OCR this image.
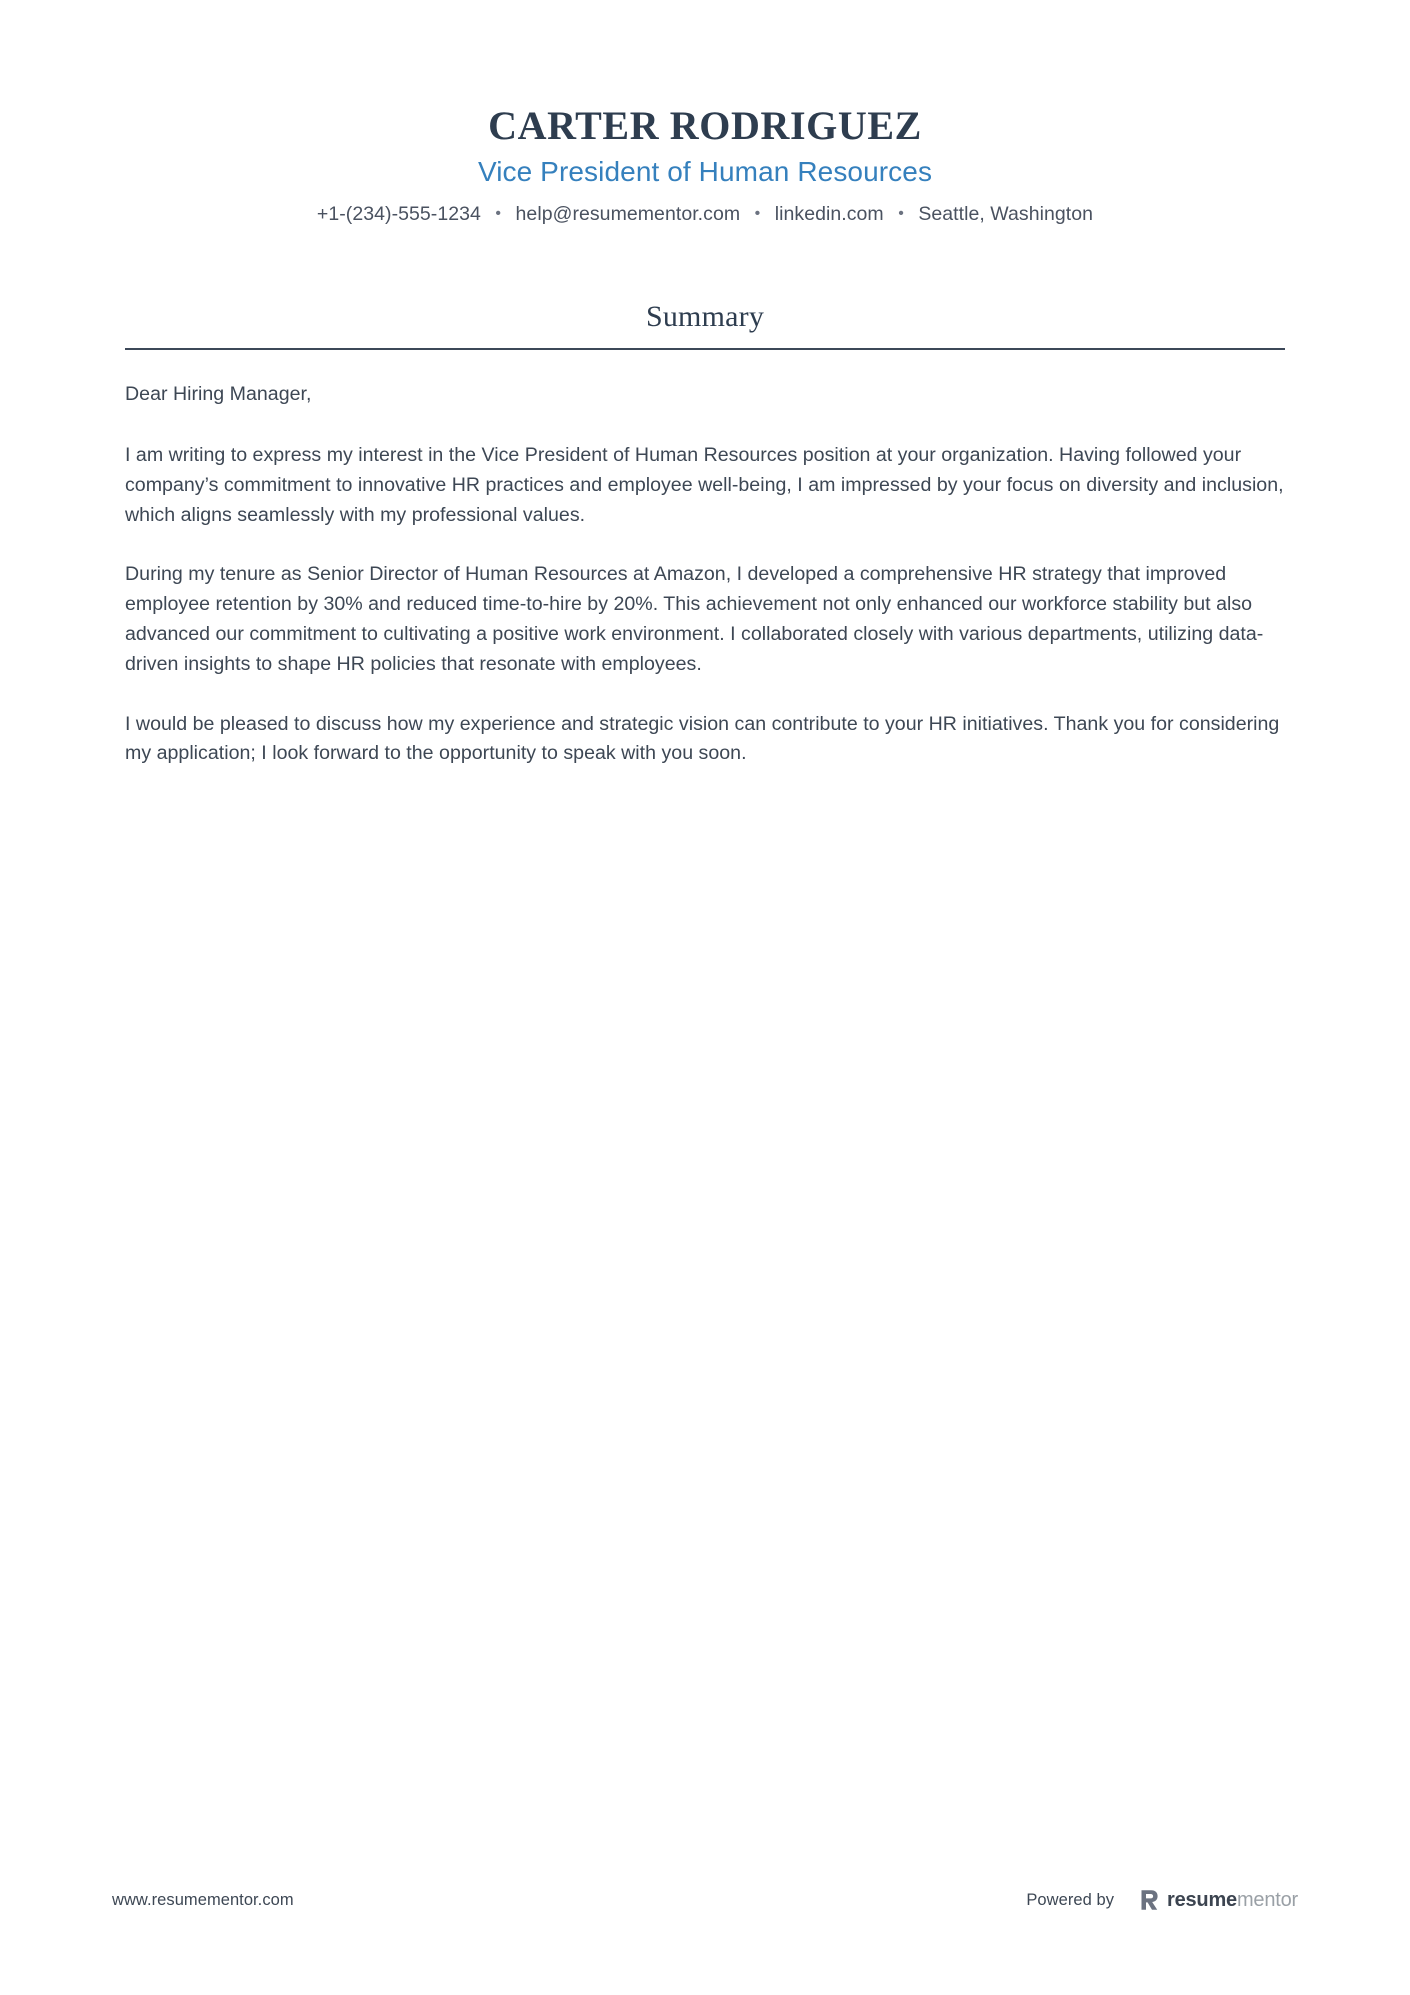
CARTER RODRIGUEZ
Vice President of Human Resources
+1-(234)-555-1234 • help@resumementor.com • linkedin.com • Seattle, Washington
Summary

Dear Hiring Manager,

I am writing to express my interest in the Vice President of Human Resources position at your organization. Having followed your company’s commitment to innovative HR practices and employee well-being, I am impressed by your focus on diversity and inclusion, which aligns seamlessly with my professional values.

During my tenure as Senior Director of Human Resources at Amazon, I developed a comprehensive HR strategy that improved employee retention by 30% and reduced time-to-hire by 20%. This achievement not only enhanced our workforce stability but also advanced our commitment to cultivating a positive work environment. I collaborated closely with various departments, utilizing data-driven insights to shape HR policies that resonate with employees.

I would be pleased to discuss how my experience and strategic vision can contribute to your HR initiatives. Thank you for considering my application; I look forward to the opportunity to speak with you soon.

www.resumementor.com	Powered by	resumementor
